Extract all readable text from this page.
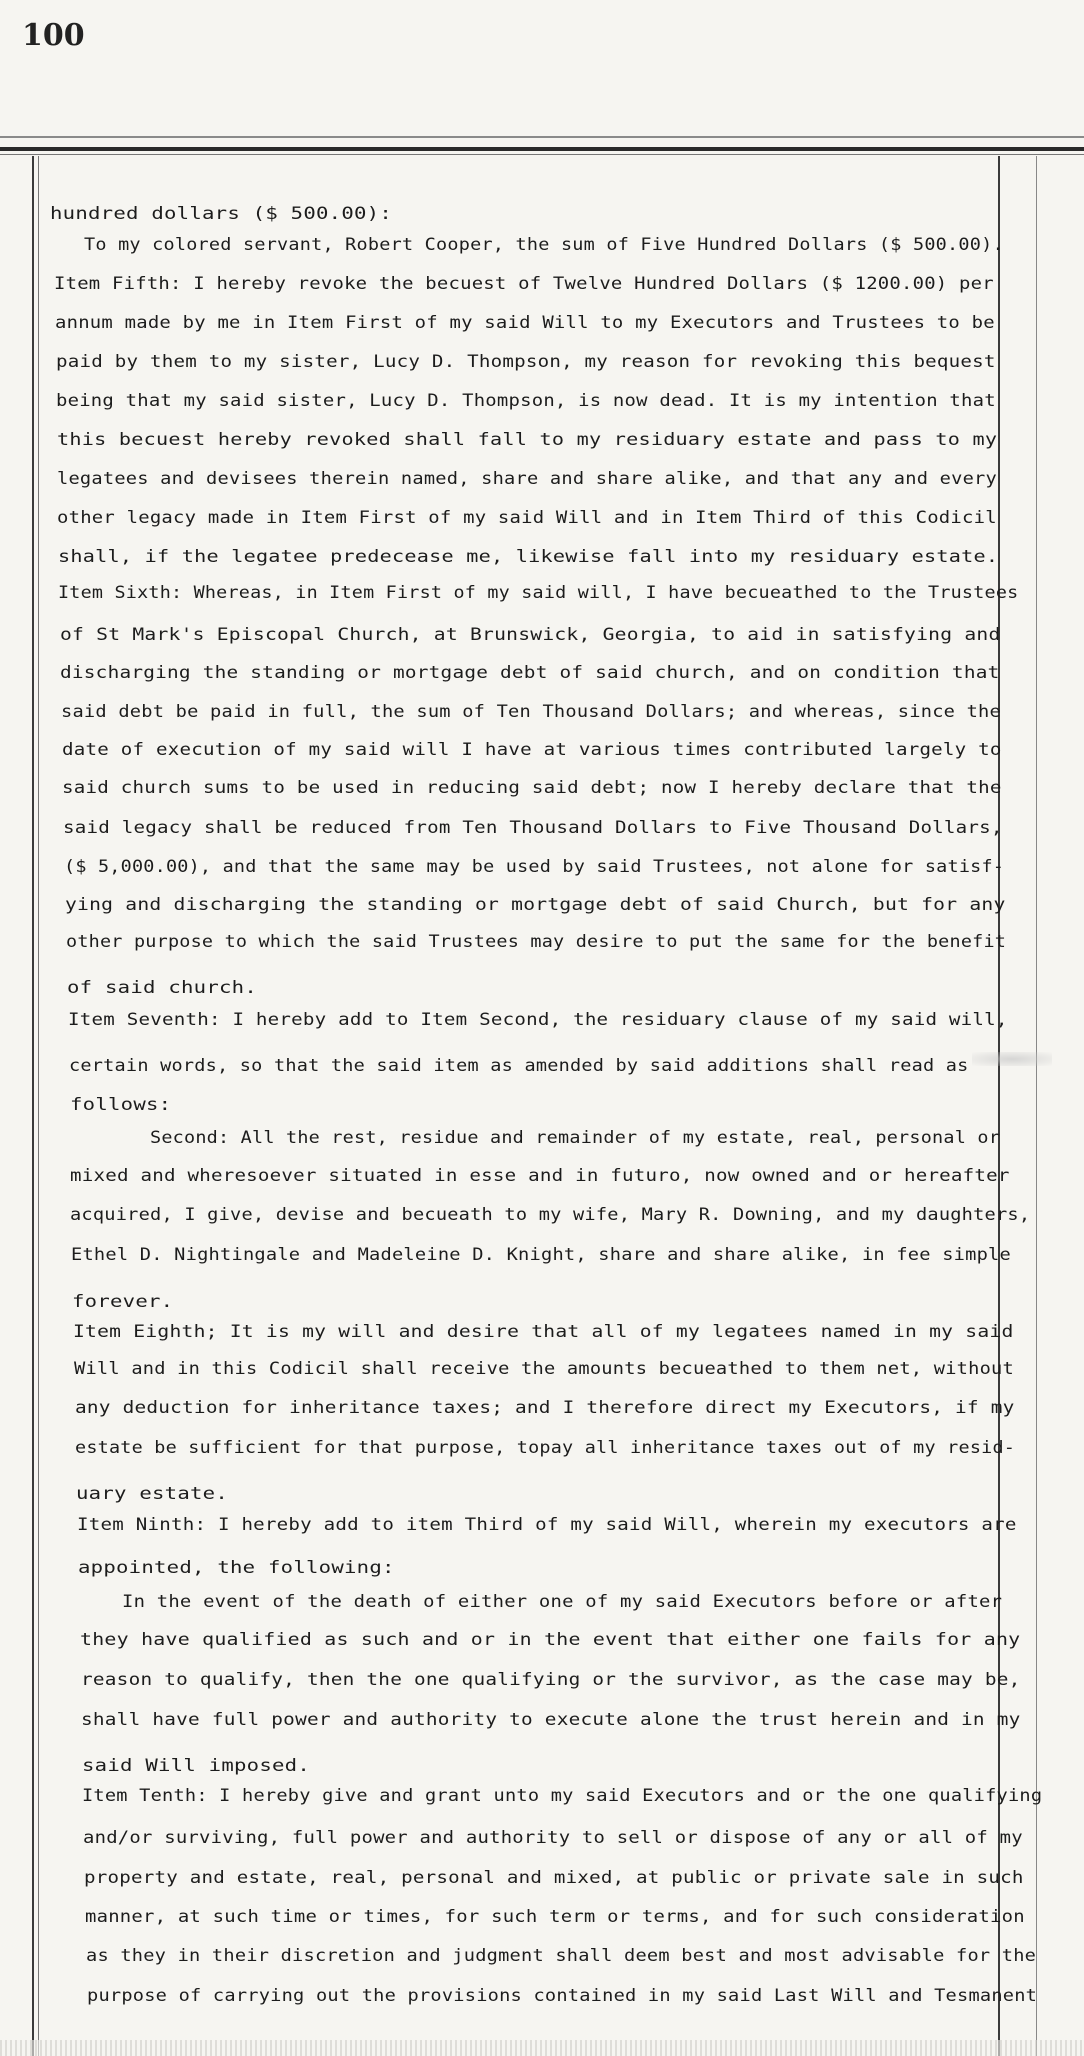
100
hundred dollars ($ 500.00):
To my colored servant, Robert Cooper, the sum of Five Hundred Dollars ($ 500.00).
Item Fifth: I hereby revoke the becuest of Twelve Hundred Dollars ($ 1200.00) per
annum made by me in Item First of my said Will to my Executors and Trustees to be
paid by them to my sister, Lucy D. Thompson, my reason for revoking this bequest
being that my said sister, Lucy D. Thompson, is now dead. It is my intention that
this becuest hereby revoked shall fall to my residuary estate and pass to my
legatees and devisees therein named, share and share alike, and that any and every
other legacy made in Item First of my said Will and in Item Third of this Codicil
shall, if the legatee predecease me, likewise fall into my residuary estate.
Item Sixth: Whereas, in Item First of my said will, I have becueathed to the Trustees
of St Mark's Episcopal Church, at Brunswick, Georgia, to aid in satisfying and
discharging the standing or mortgage debt of said church, and on condition that
said debt be paid in full, the sum of Ten Thousand Dollars; and whereas, since the
date of execution of my said will I have at various times contributed largely to
said church sums to be used in reducing said debt; now I hereby declare that the
said legacy shall be reduced from Ten Thousand Dollars to Five Thousand Dollars,
($ 5,000.00), and that the same may be used by said Trustees, not alone for satisf-
ying and discharging the standing or mortgage debt of said Church, but for any
other purpose to which the said Trustees may desire to put the same for the benefit
of said church.
Item Seventh: I hereby add to Item Second, the residuary clause of my said will,
certain words, so that the said item as amended by said additions shall read as
follows:
Second: All the rest, residue and remainder of my estate, real, personal or
mixed and wheresoever situated in esse and in futuro, now owned and or hereafter
acquired, I give, devise and becueath to my wife, Mary R. Downing, and my daughters,
Ethel D. Nightingale and Madeleine D. Knight, share and share alike, in fee simple
forever.
Item Eighth; It is my will and desire that all of my legatees named in my said
Will and in this Codicil shall receive the amounts becueathed to them net, without
any deduction for inheritance taxes; and I therefore direct my Executors, if my
estate be sufficient for that purpose, topay all inheritance taxes out of my resid-
uary estate.
Item Ninth: I hereby add to item Third of my said Will, wherein my executors are
appointed, the following:
In the event of the death of either one of my said Executors before or after
they have qualified as such and or in the event that either one fails for any
reason to qualify, then the one qualifying or the survivor, as the case may be,
shall have full power and authority to execute alone the trust herein and in my
said Will imposed.
Item Tenth: I hereby give and grant unto my said Executors and or the one qualifying
and/or surviving, full power and authority to sell or dispose of any or all of my
property and estate, real, personal and mixed, at public or private sale in such
manner, at such time or times, for such term or terms, and for such consideration
as they in their discretion and judgment shall deem best and most advisable for the
purpose of carrying out the provisions contained in my said Last Will and Tesmanent
